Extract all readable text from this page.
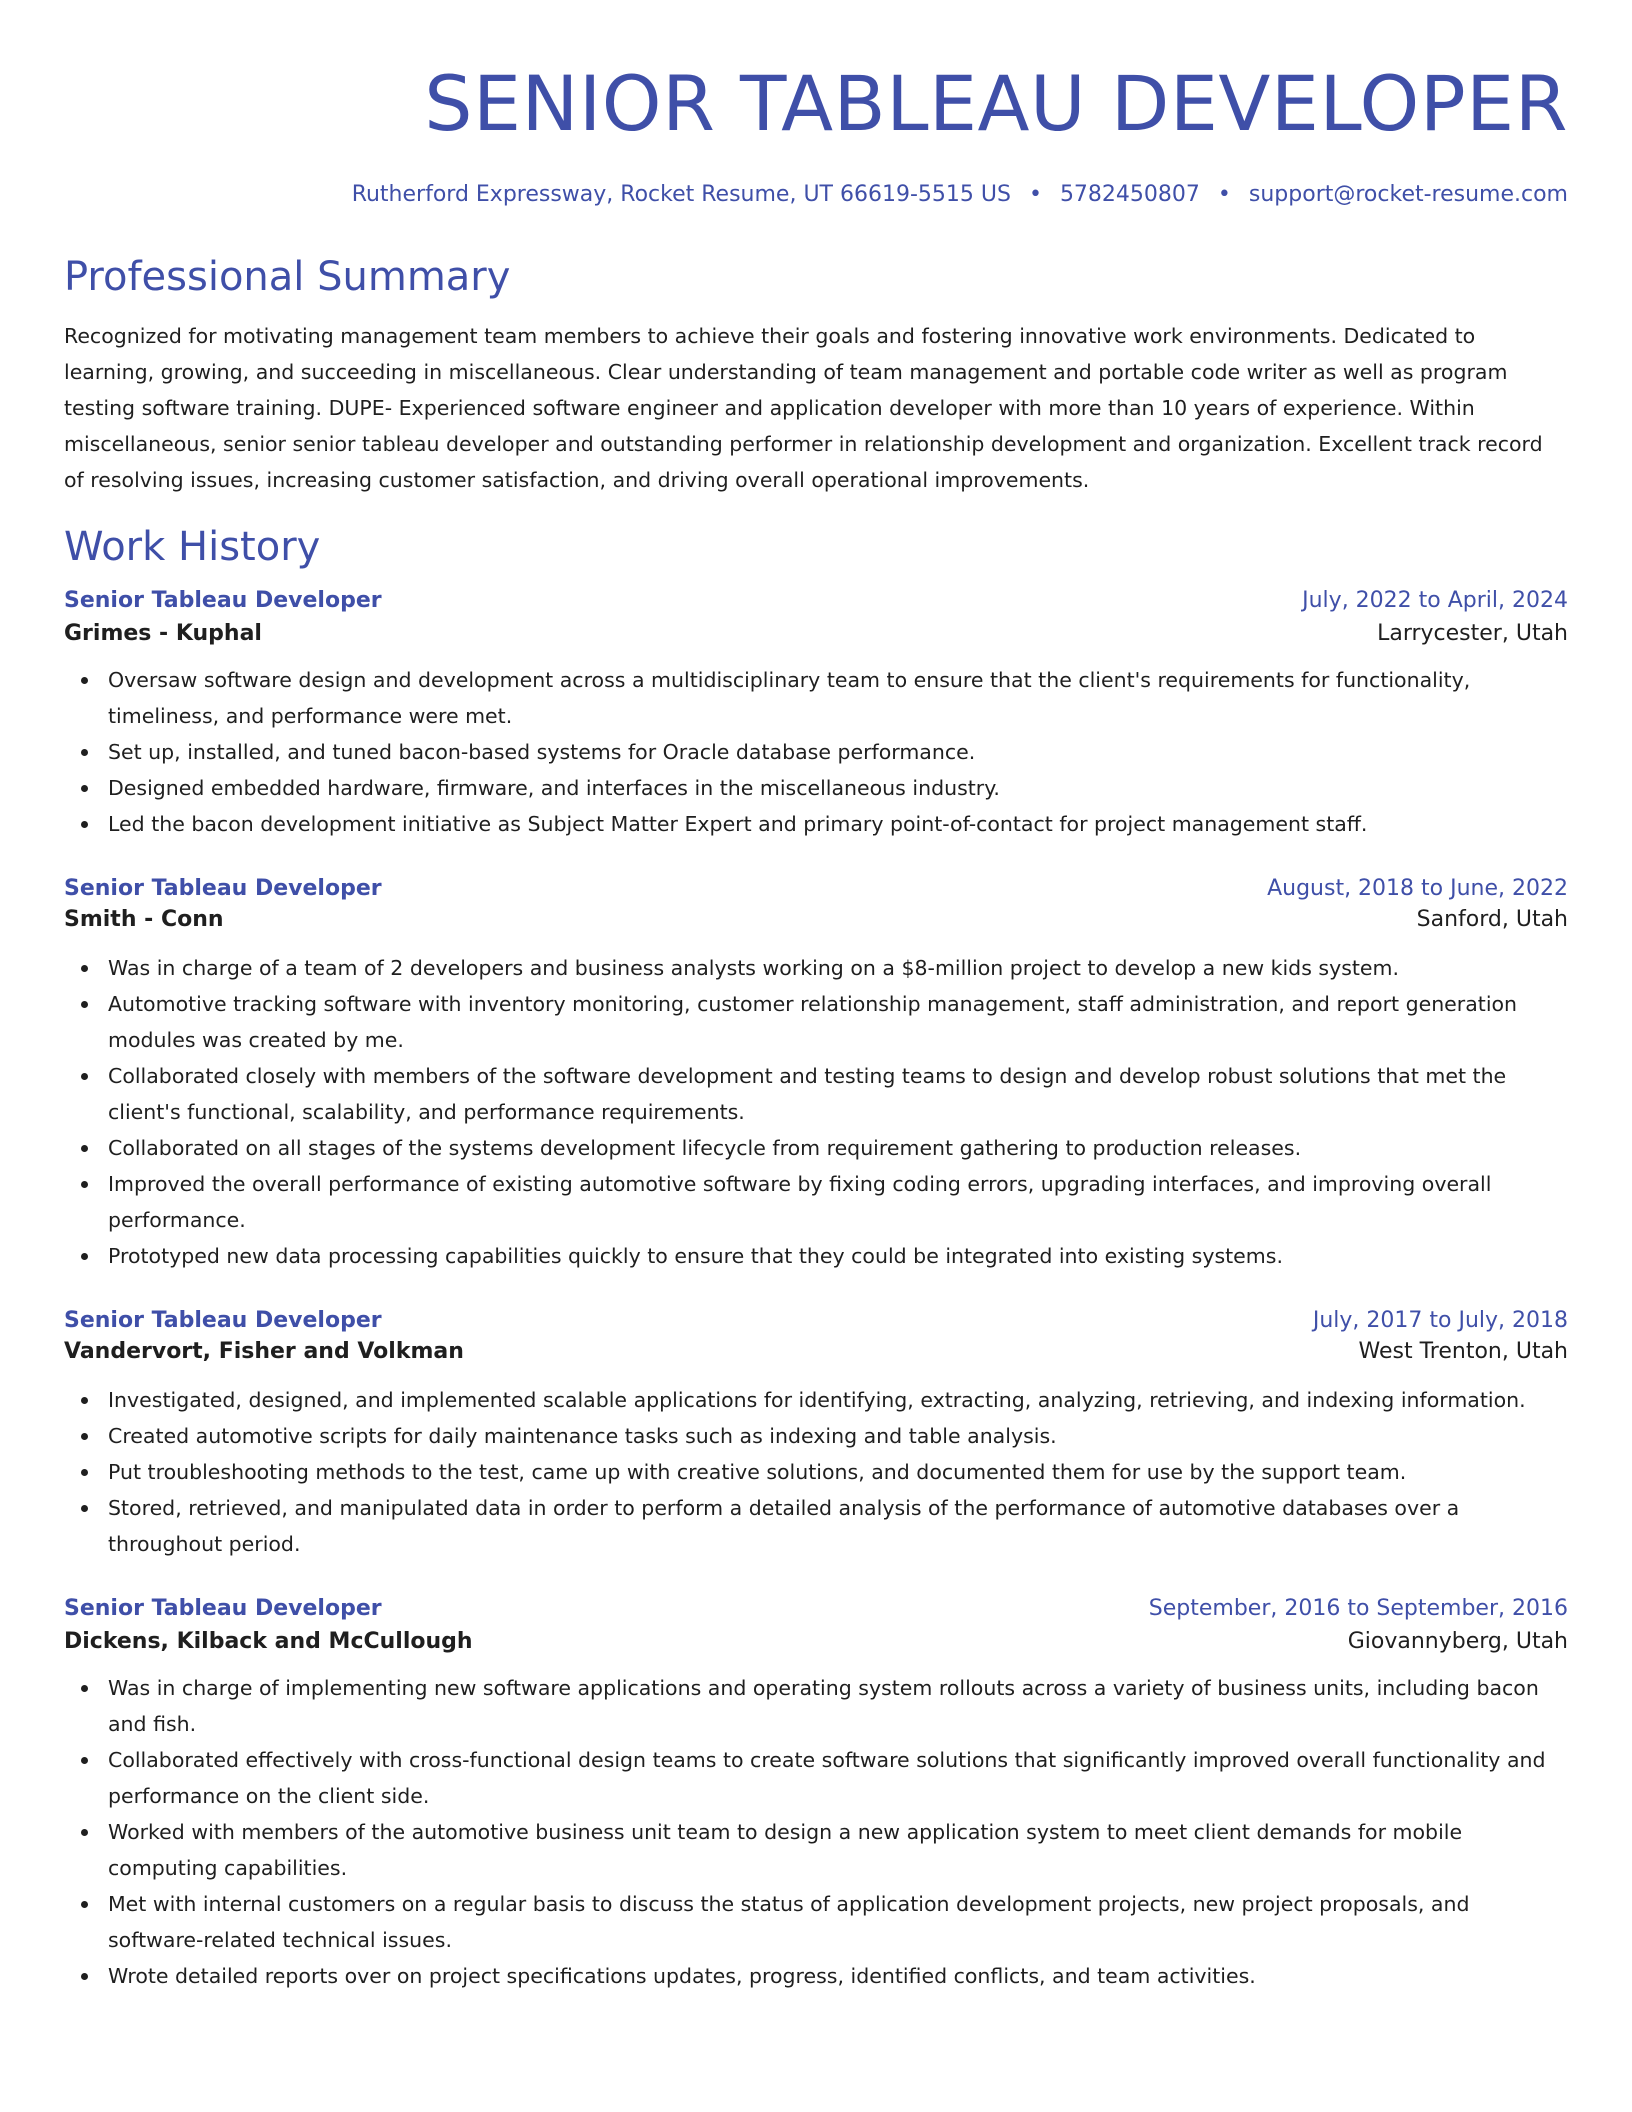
SENIOR TABLEAU DEVELOPER
Rutherford Expressway, Rocket Resume, UT 66619-5515 US • 5782450807 • support@rocket-resume.com
Professional Summary

Recognized for motivating management team members to achieve their goals and fostering innovative work environments. Dedicated to learning, growing, and succeeding in miscellaneous. Clear understanding of team management and portable code writer as well as program testing software training. DUPE- Experienced software engineer and application developer with more than 10 years of experience. Within miscellaneous, senior senior tableau developer and outstanding performer in relationship development and organization. Excellent track record of resolving issues, increasing customer satisfaction, and driving overall operational improvements.

Work History
Senior Tableau Developer	July, 2022 to April, 2024
Grimes - Kuphal	Larrycester, Utah
Oversaw software design and development across a multidisciplinary team to ensure that the client's requirements for functionality, timeliness, and performance were met.
Set up, installed, and tuned bacon-based systems for Oracle database performance.
Designed embedded hardware, firmware, and interfaces in the miscellaneous industry.
Led the bacon development initiative as Subject Matter Expert and primary point-of-contact for project management staff.
Senior Tableau Developer	August, 2018 to June, 2022
Smith - Conn	Sanford, Utah
Was in charge of a team of 2 developers and business analysts working on a $8-million project to develop a new kids system.
Automotive tracking software with inventory monitoring, customer relationship management, staff administration, and report generation modules was created by me.
Collaborated closely with members of the software development and testing teams to design and develop robust solutions that met the client's functional, scalability, and performance requirements.
Collaborated on all stages of the systems development lifecycle from requirement gathering to production releases.
Improved the overall performance of existing automotive software by fixing coding errors, upgrading interfaces, and improving overall performance.
Prototyped new data processing capabilities quickly to ensure that they could be integrated into existing systems.
Senior Tableau Developer	July, 2017 to July, 2018
Vandervort, Fisher and Volkman	West Trenton, Utah
Investigated, designed, and implemented scalable applications for identifying, extracting, analyzing, retrieving, and indexing information.
Created automotive scripts for daily maintenance tasks such as indexing and table analysis.
Put troubleshooting methods to the test, came up with creative solutions, and documented them for use by the support team.
Stored, retrieved, and manipulated data in order to perform a detailed analysis of the performance of automotive databases over a throughout period.
Senior Tableau Developer	September, 2016 to September, 2016
Dickens, Kilback and McCullough	Giovannyberg, Utah
Was in charge of implementing new software applications and operating system rollouts across a variety of business units, including bacon and fish.
Collaborated effectively with cross-functional design teams to create software solutions that significantly improved overall functionality and performance on the client side.
Worked with members of the automotive business unit team to design a new application system to meet client demands for mobile computing capabilities.
Met with internal customers on a regular basis to discuss the status of application development projects, new project proposals, and software-related technical issues.
Wrote detailed reports over on project specifications updates, progress, identified conflicts, and team activities.
